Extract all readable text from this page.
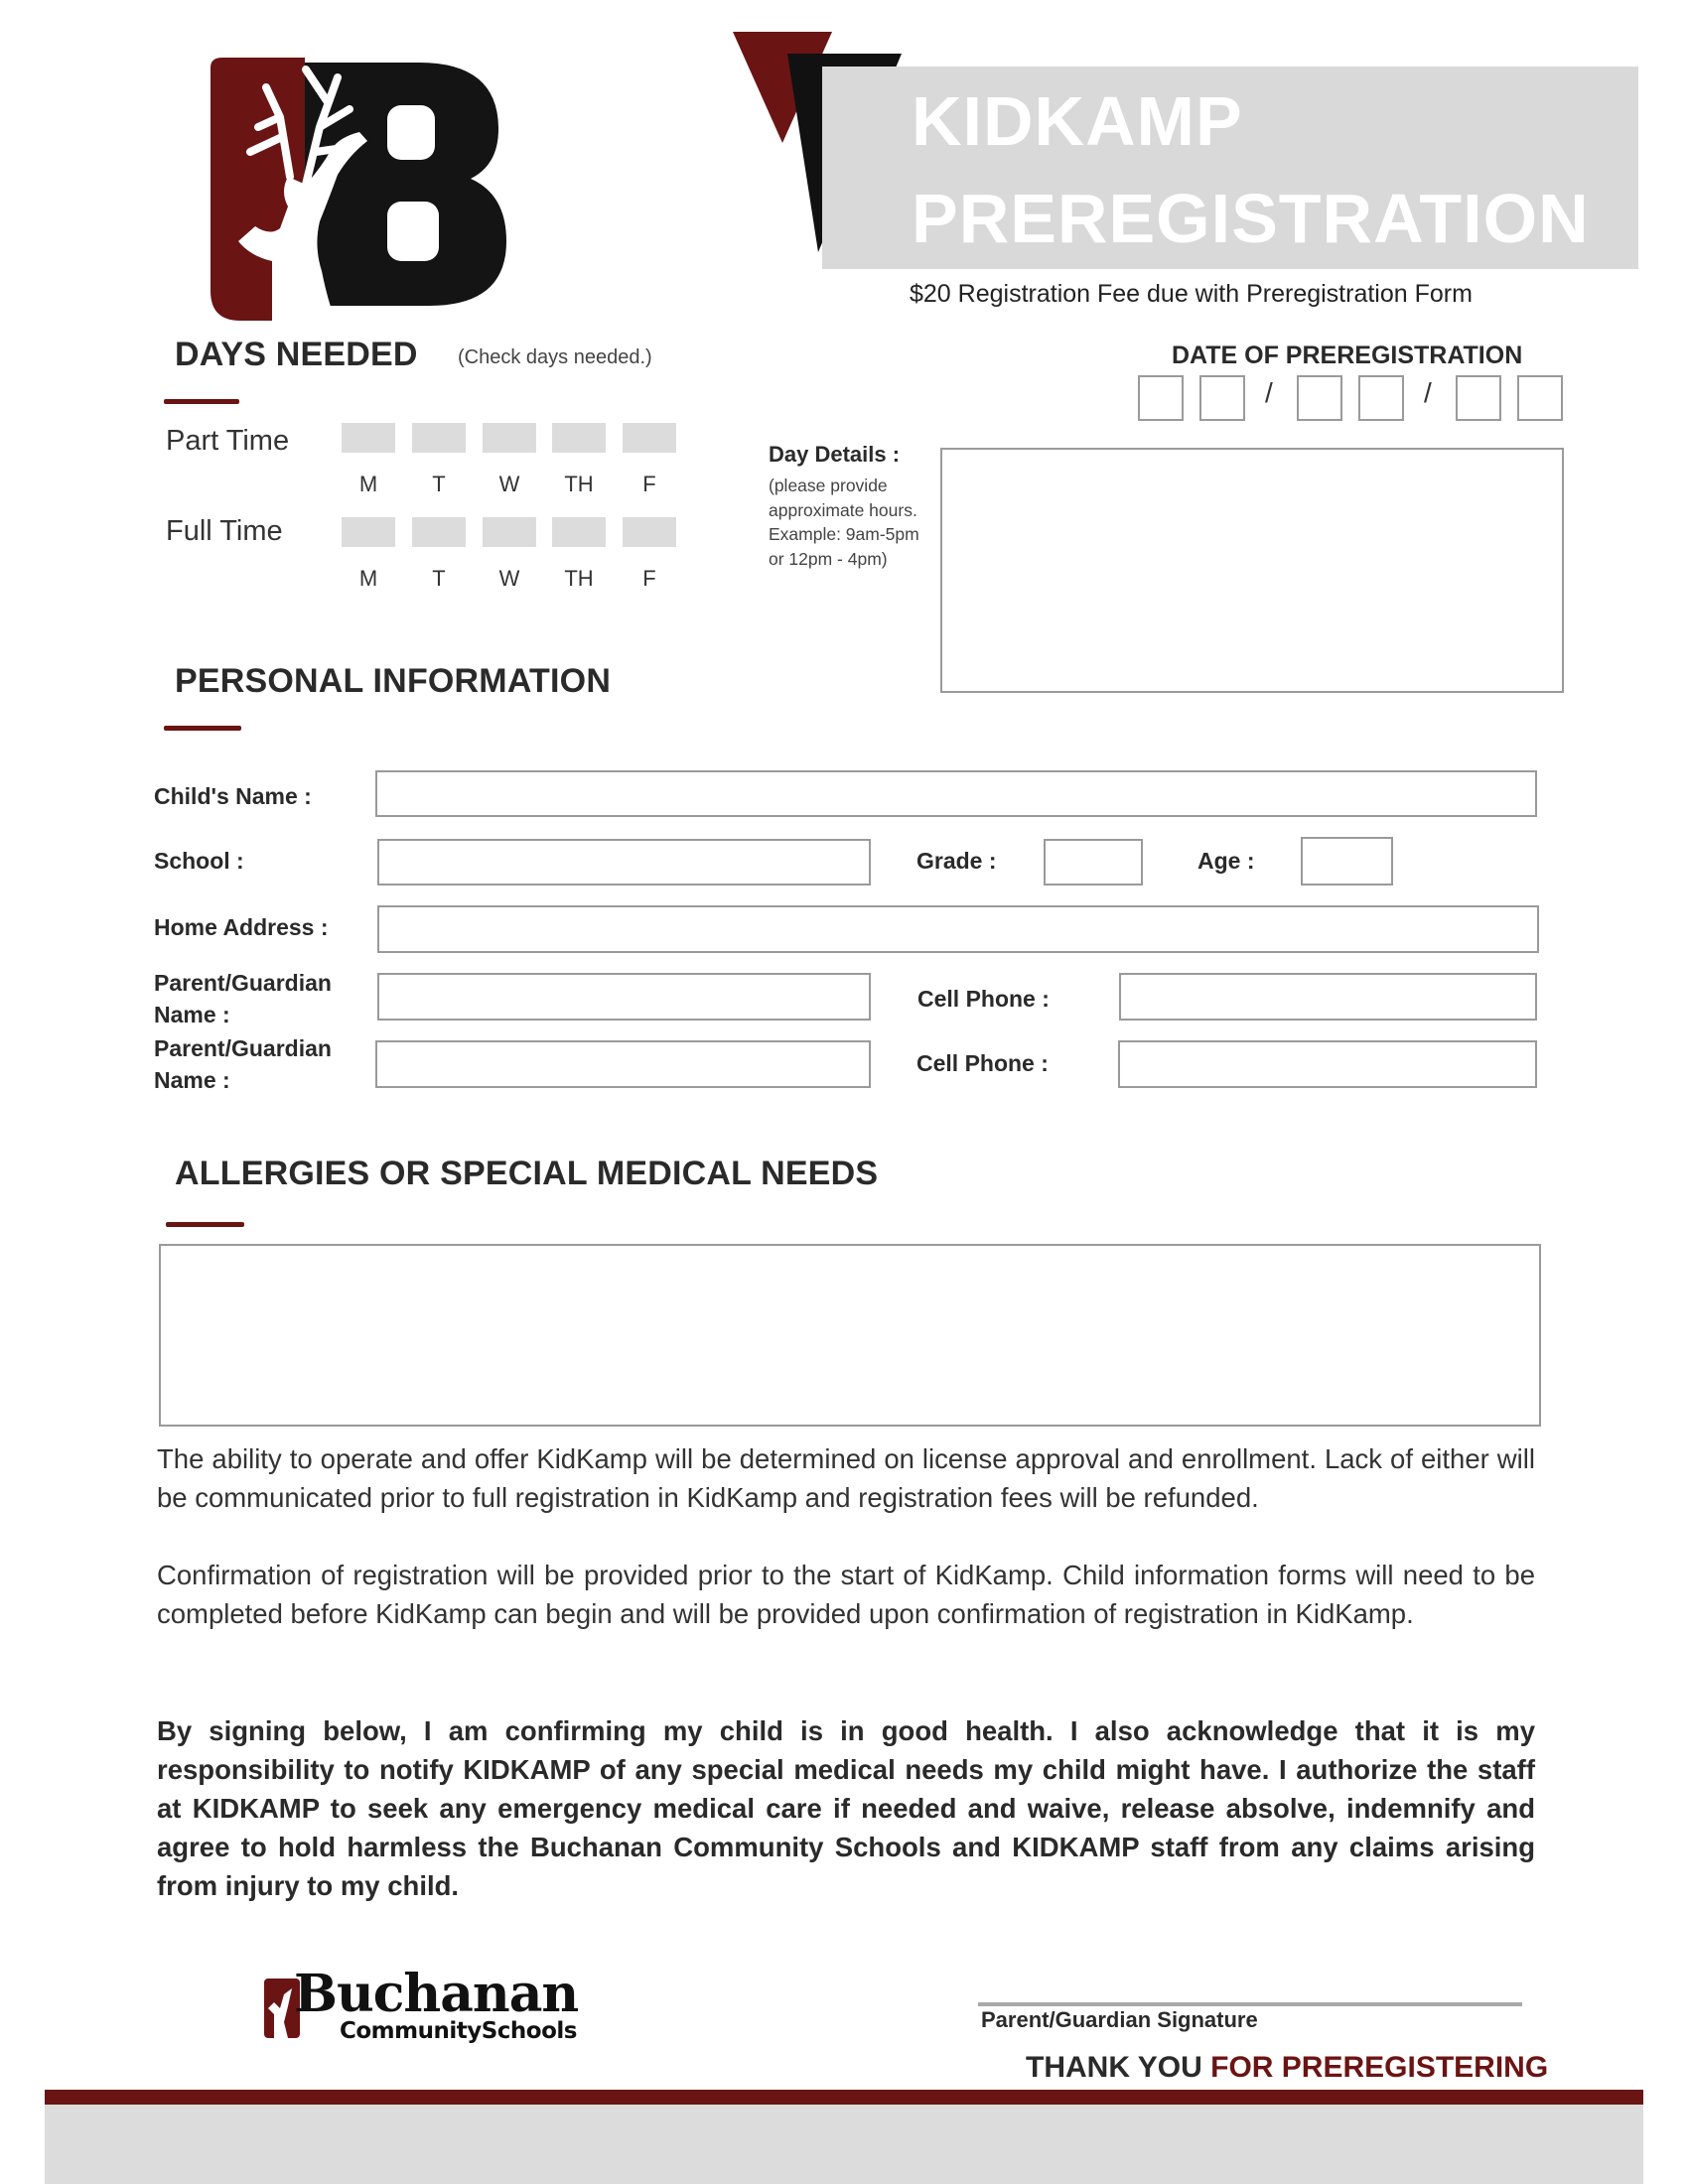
KIDKAMP
PREREGISTRATION
$20 Registration Fee due with Preregistration Form
DAYS NEEDED (Check days needed.)
Part Time
M	T	W	TH	F
Full Time
M	T	W	TH	F
DATE OF PREREGISTRATION
/	/
Day Details :
(please provide
approximate hours.
Example: 9am-5pm
or 12pm - 4pm)
PERSONAL INFORMATION
Child's Name :
School :	Grade :	Age :
Home Address :
Parent/Guardian
Name :
Cell Phone :
Parent/Guardian
Name :
Cell Phone :
ALLERGIES OR SPECIAL MEDICAL NEEDS
The ability to operate and offer KidKamp will be determined on license approval and enrollment. Lack of either will be communicated prior to full registration in KidKamp and registration fees will be refunded.
Confirmation of registration will be provided prior to the start of KidKamp. Child information forms will need to be completed before KidKamp can begin and will be provided upon confirmation of registration in KidKamp.
By signing below, I am confirming my child is in good health. I also acknowledge that it is my responsibility to notify KIDKAMP of any special medical needs my child might have. I authorize the staff at KIDKAMP to seek any emergency medical care if needed and waive, release absolve, indemnify and agree to hold harmless the Buchanan Community Schools and KIDKAMP staff from any claims arising from injury to my child.
Buchanan
CommunitySchools	Parent/Guardian Signature
THANK YOU FOR PREREGISTERING
